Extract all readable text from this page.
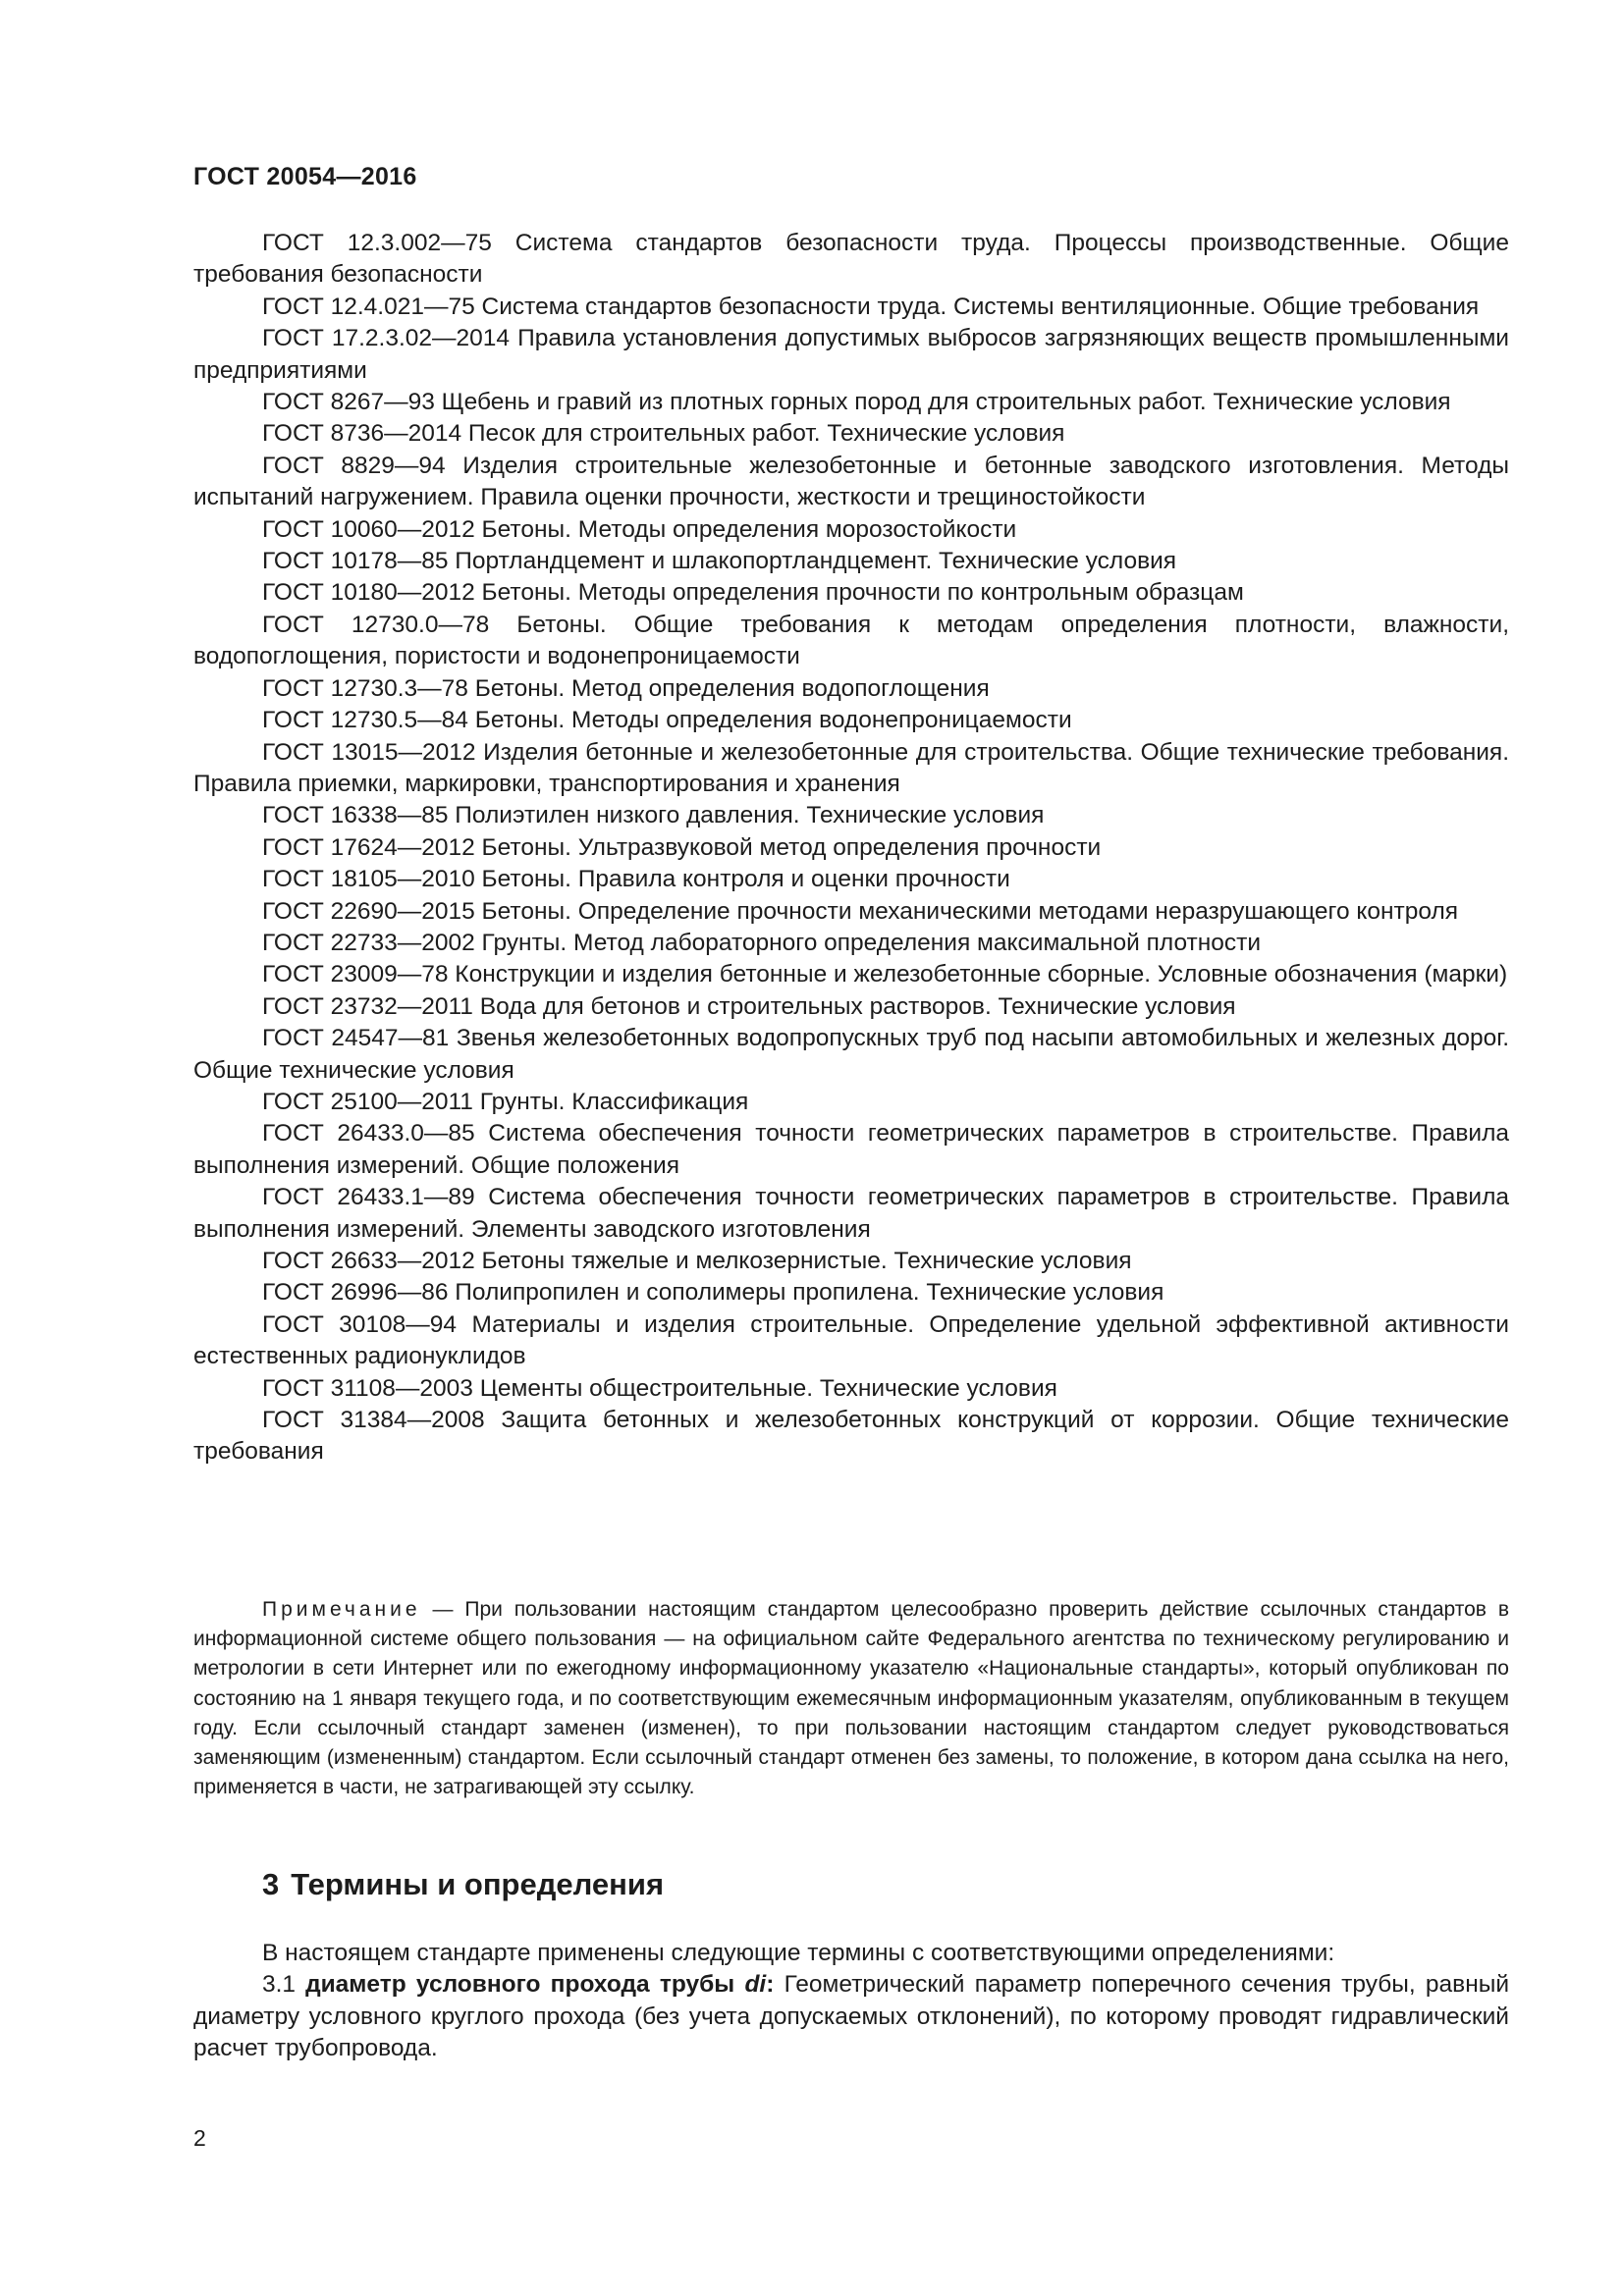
ГОСТ 20054—2016

ГОСТ 12.3.002—75 Система стандартов безопасности труда. Процессы производственные. Общие требования безопасности

ГОСТ 12.4.021—75 Система стандартов безопасности труда. Системы вентиляционные. Общие требования

ГОСТ 17.2.3.02—2014 Правила установления допустимых выбросов загрязняющих веществ промышленными предприятиями

ГОСТ 8267—93 Щебень и гравий из плотных горных пород для строительных работ. Технические условия

ГОСТ 8736—2014 Песок для строительных работ. Технические условия

ГОСТ 8829—94 Изделия строительные железобетонные и бетонные заводского изготовления. Методы испытаний нагружением. Правила оценки прочности, жесткости и трещиностойкости

ГОСТ 10060—2012 Бетоны. Методы определения морозостойкости

ГОСТ 10178—85 Портландцемент и шлакопортландцемент. Технические условия

ГОСТ 10180—2012 Бетоны. Методы определения прочности по контрольным образцам

ГОСТ 12730.0—78 Бетоны. Общие требования к методам определения плотности, влажности, водопоглощения, пористости и водонепроницаемости

ГОСТ 12730.3—78 Бетоны. Метод определения водопоглощения

ГОСТ 12730.5—84 Бетоны. Методы определения водонепроницаемости

ГОСТ 13015—2012 Изделия бетонные и железобетонные для строительства. Общие технические требования. Правила приемки, маркировки, транспортирования и хранения

ГОСТ 16338—85 Полиэтилен низкого давления. Технические условия

ГОСТ 17624—2012 Бетоны. Ультразвуковой метод определения прочности

ГОСТ 18105—2010 Бетоны. Правила контроля и оценки прочности

ГОСТ 22690—2015 Бетоны. Определение прочности механическими методами неразрушающего контроля

ГОСТ 22733—2002 Грунты. Метод лабораторного определения максимальной плотности

ГОСТ 23009—78 Конструкции и изделия бетонные и железобетонные сборные. Условные обозначения (марки)

ГОСТ 23732—2011 Вода для бетонов и строительных растворов. Технические условия

ГОСТ 24547—81 Звенья железобетонных водопропускных труб под насыпи автомобильных и железных дорог. Общие технические условия

ГОСТ 25100—2011 Грунты. Классификация

ГОСТ 26433.0—85 Система обеспечения точности геометрических параметров в строительстве. Правила выполнения измерений. Общие положения

ГОСТ 26433.1—89 Система обеспечения точности геометрических параметров в строительстве. Правила выполнения измерений. Элементы заводского изготовления

ГОСТ 26633—2012 Бетоны тяжелые и мелкозернистые. Технические условия

ГОСТ 26996—86 Полипропилен и сополимеры пропилена. Технические условия

ГОСТ 30108—94 Материалы и изделия строительные. Определение удельной эффективной активности естественных радионуклидов

ГОСТ 31108—2003 Цементы общестроительные. Технические условия

ГОСТ 31384—2008 Защита бетонных и железобетонных конструкций от коррозии. Общие технические требования

Примечание — При пользовании настоящим стандартом целесообразно проверить действие ссылочных стандартов в информационной системе общего пользования — на официальном сайте Федерального агентства по техническому регулированию и метрологии в сети Интернет или по ежегодному информационному указателю «Национальные стандарты», который опубликован по состоянию на 1 января текущего года, и по соответствующим ежемесячным информационным указателям, опубликованным в текущем году. Если ссылочный стандарт заменен (изменен), то при пользовании настоящим стандартом следует руководствоваться заменяющим (измененным) стандартом. Если ссылочный стандарт отменен без замены, то положение, в котором дана ссылка на него, применяется в части, не затрагивающей эту ссылку.

3 Термины и определения

В настоящем стандарте применены следующие термины с соответствующими определениями:

3.1 диаметр условного прохода трубы di: Геометрический параметр поперечного сечения трубы, равный диаметру условного круглого прохода (без учета допускаемых отклонений), по которому проводят гидравлический расчет трубопровода.

2
